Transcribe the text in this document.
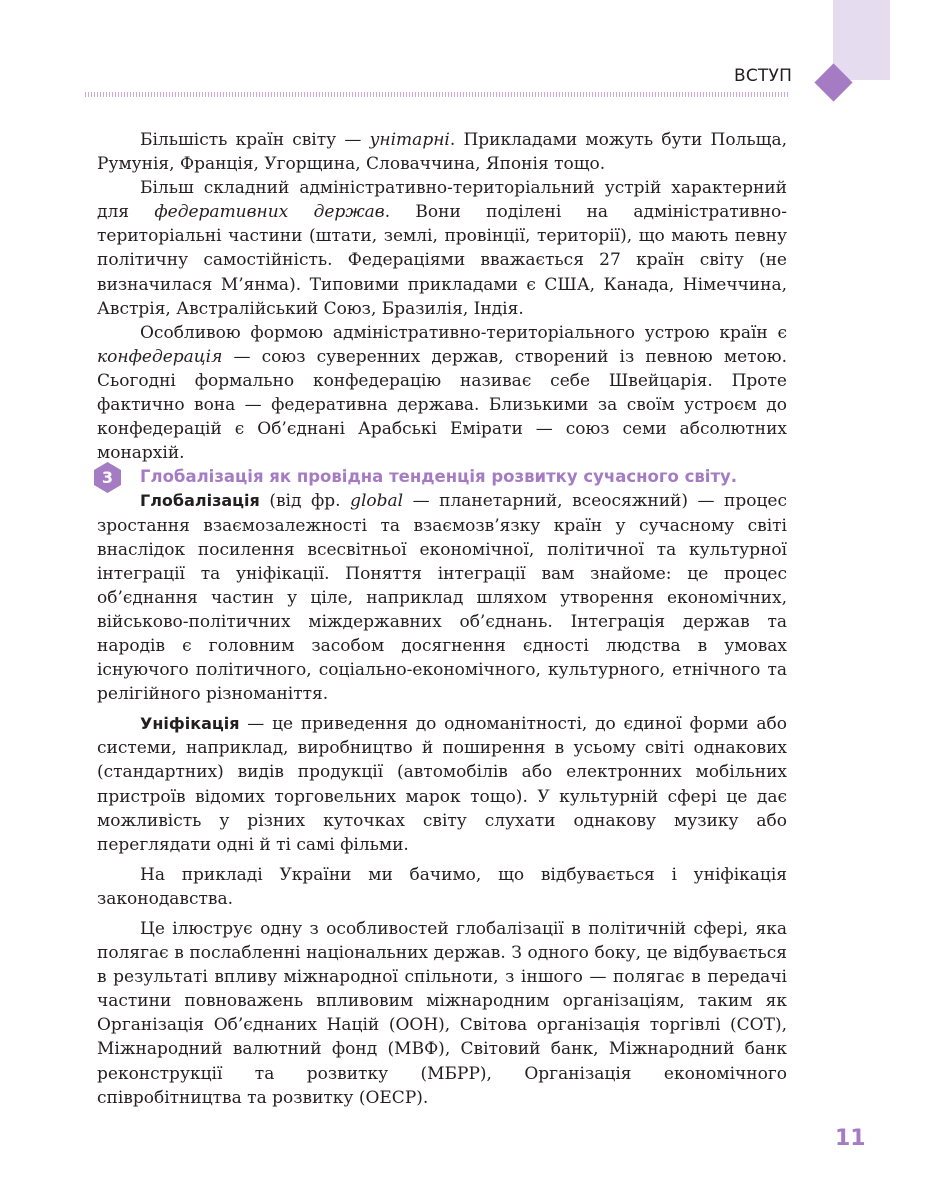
ВСТУП

Більшість країн світу — унітарні. Прикладами можуть бути Польща, Румунія, Франція, Угорщина, Словаччина, Японія тощо.

Більш складний адміністративно-територіальний устрій характерний для федеративних держав. Вони поділені на адміністративно-територіальні частини (штати, землі, провінції, території), що мають певну політичну самостійність. Федераціями вважається 27 країн світу (не визначилася М’янма). Типовими прикладами є США, Канада, Німеччина, Австрія, Австралійський Союз, Бразилія, Індія.

Особливою формою адміністративно-територіального устрою країн є конфедерація — союз суверенних держав, створений із певною метою. Сьогодні формально конфедерацію називає себе Швейцарія. Проте фактично вона — федеративна держава. Близькими за своїм устроєм до конфедерацій є Об’єднані Арабські Емірати — союз семи абсолютних монархій.

3	Глобалізація як провідна тенденція розвитку сучасного світу.

Глобалізація (від фр. global — планетарний, всеосяжний) — процес зростання взаємозалежності та взаємозв’язку країн у сучасному світі внаслідок посилення всесвітньої економічної, політичної та культурної інтеграції та уніфікації. Поняття інтеграції вам знайоме: це процес об’єднання частин у ціле, наприклад шляхом утворення економічних, військово-політичних міждержавних об’єднань. Інтеграція держав та народів є головним засобом досягнення єдності людства в умовах існуючого політичного, соціально-економічного, культурного, етнічного та релігійного різноманіття.

Уніфікація — це приведення до одноманітності, до єдиної форми або системи, наприклад, виробництво й поширення в усьому світі однакових (стандартних) видів продукції (автомобілів або електронних мобільних пристроїв відомих торговельних марок тощо). У культурній сфері це дає можливість у різних куточках світу слухати однакову музику або переглядати одні й ті самі фільми.

На прикладі України ми бачимо, що відбувається і уніфікація законодавства.

Це ілюструє одну з особливостей глобалізації в політичній сфері, яка полягає в послабленні національних держав. З одного боку, це відбувається в результаті впливу міжнародної спільноти, з іншого — полягає в передачі частини повноважень впливовим міжнародним організаціям, таким як Організація Об’єднаних Націй (ООН), Світова організація торгівлі (СОТ), Міжнародний валютний фонд (МВФ), Світовий банк, Міжнародний банк реконструкції та розвитку (МБРР), Організація економічного співробітництва та розвитку (ОЕСР).

11
